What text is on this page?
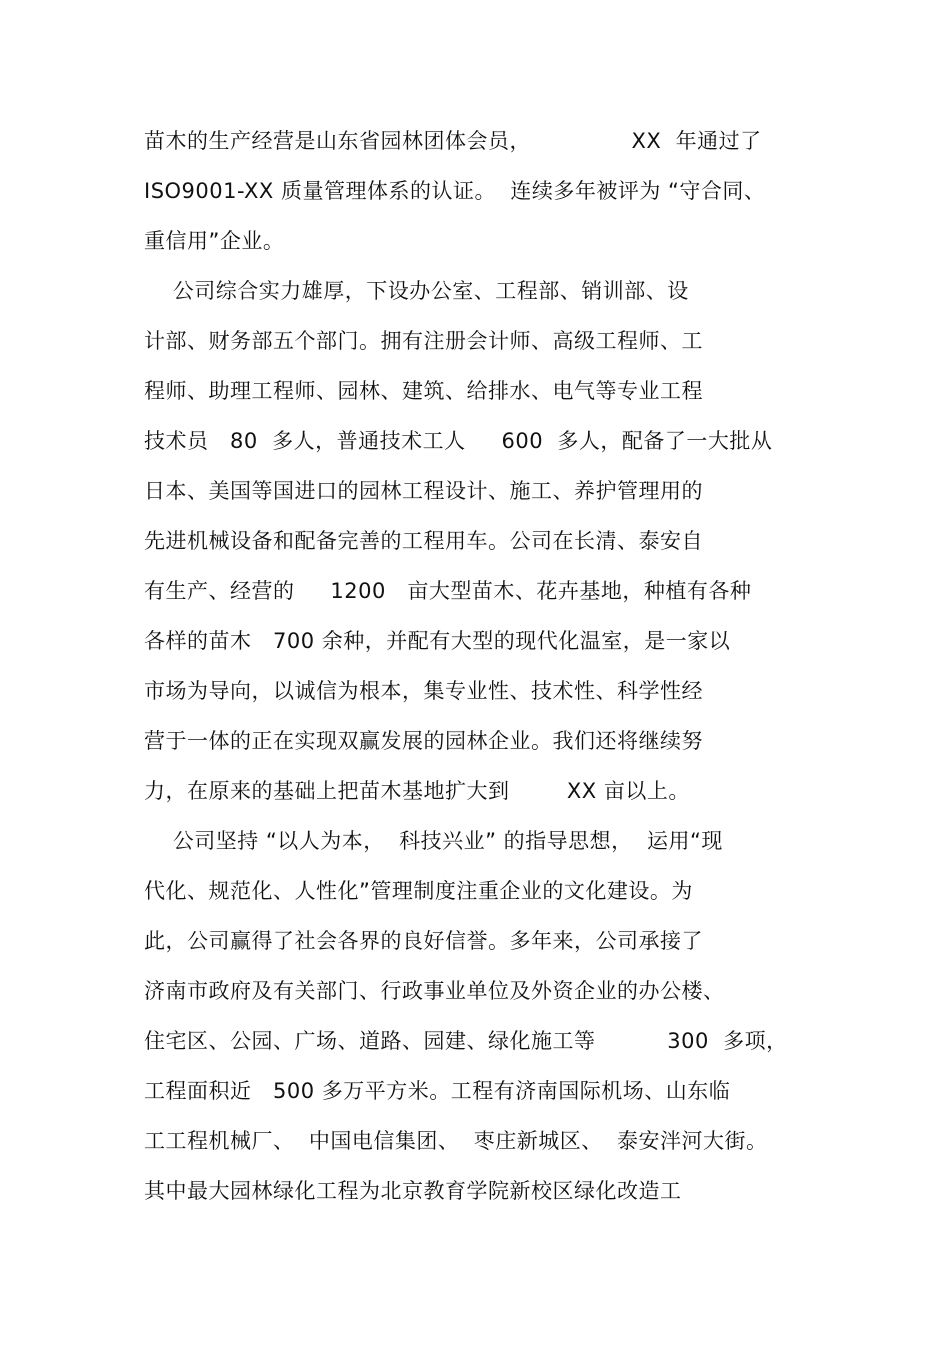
苗木的生产经营是山东省园林团体会员，              XX  年通过了
ISO9001-XX 质量管理体系的认证。  连续多年被评为 “守合同、
重信用”企业。
公司综合实力雄厚，下设办公室、工程部、销训部、设
计部、财务部五个部门。拥有注册会计师、高级工程师、工
程师、助理工程师、园林、建筑、给排水、电气等专业工程
技术员   80  多人，普通技术工人     600  多人，配备了一大批从
日本、美国等国进口的园林工程设计、施工、养护管理用的
先进机械设备和配备完善的工程用车。公司在长清、泰安自
有生产、经营的     1200   亩大型苗木、花卉基地，种植有各种
各样的苗木   700 余种，并配有大型的现代化温室，是一家以
市场为导向，以诚信为根本，集专业性、技术性、科学性经
营于一体的正在实现双赢发展的园林企业。我们还将继续努
力，在原来的基础上把苗木基地扩大到        XX 亩以上。
公司坚持 “以人为本，  科技兴业” 的指导思想，  运用“现
代化、规范化、人性化”管理制度注重企业的文化建设。为
此，公司赢得了社会各界的良好信誉。多年来，公司承接了
济南市政府及有关部门、行政事业单位及外资企业的办公楼、
住宅区、公园、广场、道路、园建、绿化施工等          300  多项，
工程面积近   500 多万平方米。工程有济南国际机场、山东临
工工程机械厂、  中国电信集团、  枣庄新城区、  泰安泮河大街。
其中最大园林绿化工程为北京教育学院新校区绿化改造工
